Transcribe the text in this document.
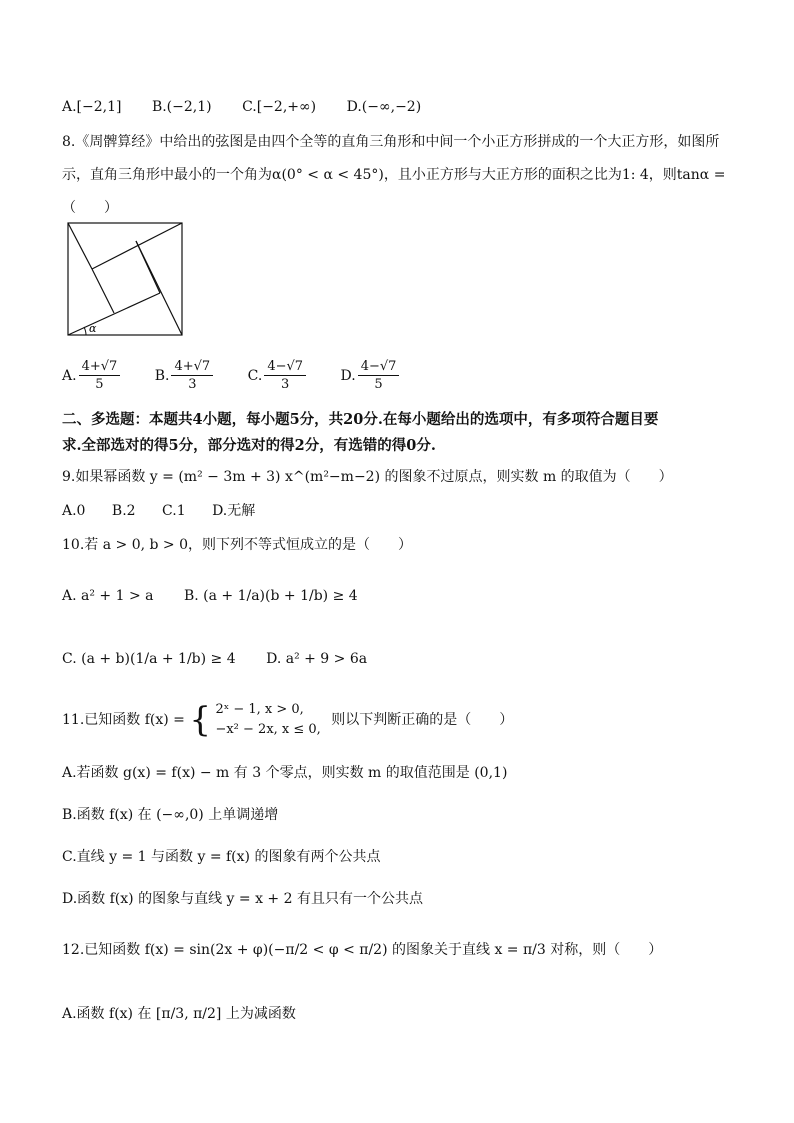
A.[−2,1] B.(−2,1) C.[−2,+∞) D.(−∞,−2)
8.《周髀算经》中给出的弦图是由四个全等的直角三角形和中间一个小正方形拼成的一个大正方形，如图所
示，直角三角形中最小的一个角为α(0° < α < 45°)，且小正方形与大正方形的面积之比为1: 4，则tanα =
（　　）
α
A. $\frac{4+√7}{5} B$. $\frac{4+√7}{3} C$. $\frac{4-√7}{3} D$. $\frac{4-√7}{5}$
二、多选题：本题共4小题，每小题5分，共20分.在每小题给出的选项中，有多项符合题目要
求.全部选对的得5分，部分选对的得2分，有选错的得0分.
9.如果幂函数 y = (m² − 3m + 3) x^(m²−m−2) 的图象不过原点，则实数 m 的取值为（　　）
A.0 B.2 C.1 D.无解
10.若 a > 0, b > 0，则下列不等式恒成立的是（　　）
A. a² + 1 > a B. (a + 1/a)(b + 1/b) ≥ 4
C. (a + b)(1/a + 1/b) ≥ 4 D. a² + 9 > 6a
11.已知函数 f(x) = { 2ˣ − 1, x > 0,
−x² − 2x, x ≤ 0,
则以下判断正确的是（　　）
A.若函数 g(x) = f(x) − m 有 3 个零点，则实数 m 的取值范围是 (0,1)
B.函数 f(x) 在 (−∞,0) 上单调递增
C.直线 y = 1 与函数 y = f(x) 的图象有两个公共点
D.函数 f(x) 的图象与直线 y = x + 2 有且只有一个公共点
12.已知函数 f(x) = sin(2x + φ)(−π/2 < φ < π/2) 的图象关于直线 x = π/3 对称，则（　　）
A.函数 f(x) 在 [π/3, π/2] 上为减函数
